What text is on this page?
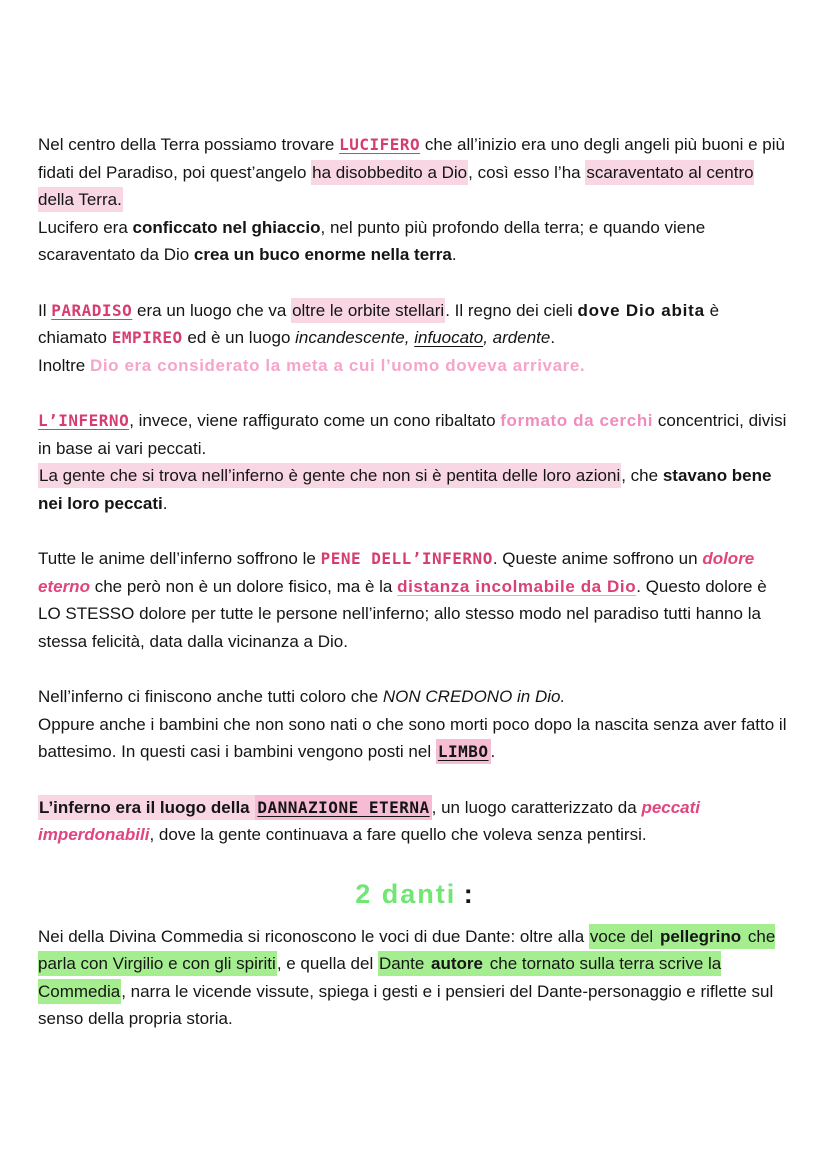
Nel centro della Terra possiamo trovare LUCIFERO che all’inizio era uno degli angeli più buoni e più fidati del Paradiso, poi quest’angelo ha disobbedito a Dio, così esso l’ha scaraventato al centro della Terra.
Lucifero era conficcato nel ghiaccio, nel punto più profondo della terra; e quando viene scaraventato da Dio crea un buco enorme nella terra.

Il PARADISO era un luogo che va oltre le orbite stellari. Il regno dei cieli dove Dio abita è chiamato EMPIREO ed è un luogo incandescente, infuocato, ardente.
Inoltre Dio era considerato la meta a cui l’uomo doveva arrivare.

L’INFERNO, invece, viene raffigurato come un cono ribaltato formato da cerchi concentrici, divisi in base ai vari peccati.
La gente che si trova nell’inferno è gente che non si è pentita delle loro azioni, che stavano bene nei loro peccati.

Tutte le anime dell’inferno soffrono le PENE DELL’INFERNO. Queste anime soffrono un dolore eterno che però non è un dolore fisico, ma è la distanza incolmabile da Dio. Questo dolore è LO STESSO dolore per tutte le persone nell’inferno; allo stesso modo nel paradiso tutti hanno la stessa felicità, data dalla vicinanza a Dio.

Nell’inferno ci finiscono anche tutti coloro che NON CREDONO in Dio.
Oppure anche i bambini che non sono nati o che sono morti poco dopo la nascita senza aver fatto il battesimo. In questi casi i bambini vengono posti nel LIMBO .

L’inferno era il luogo della DANNAZIONE ETERNA , un luogo caratterizzato da peccati imperdonabili, dove la gente continuava a fare quello che voleva senza pentirsi.

2 danti :

Nei della Divina Commedia si riconoscono le voci di due Dante: oltre alla voce del pellegrino che parla con Virgilio e con gli spiriti, e quella del Dante autore che tornato sulla terra scrive la Commedia, narra le vicende vissute, spiega i gesti e i pensieri del Dante-personaggio e riflette sul senso della propria storia.
